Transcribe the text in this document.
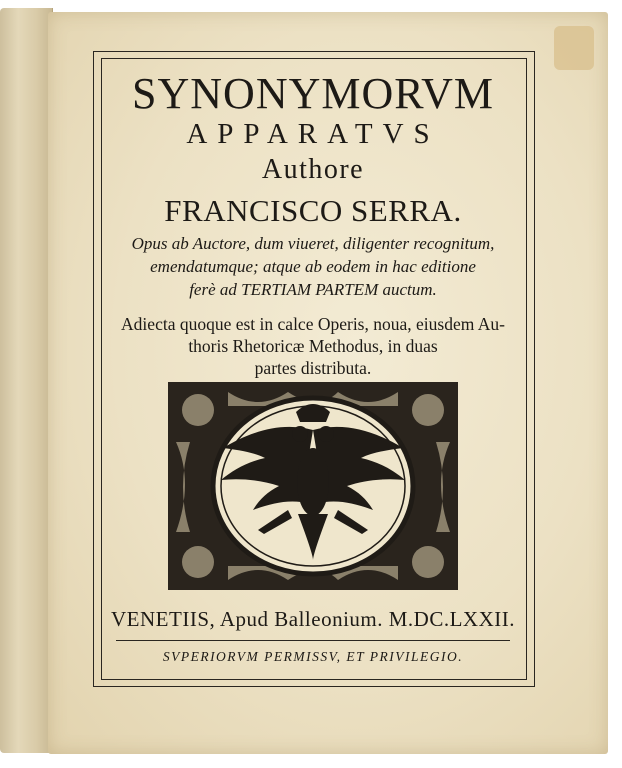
SYNONYMORVM
APPARATVS
Authore
FRANCISCO SERRA.
Opus ab Auctore, dum viueret, diligenter recognitum,
emendatumque; atque ab eodem in hac editione
ferè ad TERTIAM PARTEM auctum.
Adiecta quoque est in calce Operis, noua, eiusdem Au-
thoris Rhetoricæ Methodus, in duas
partes distributa.
VENETIIS, Apud Balleonium. M.DC.LXXII.
SVPERIORVM PERMISSV, ET PRIVILEGIO.
